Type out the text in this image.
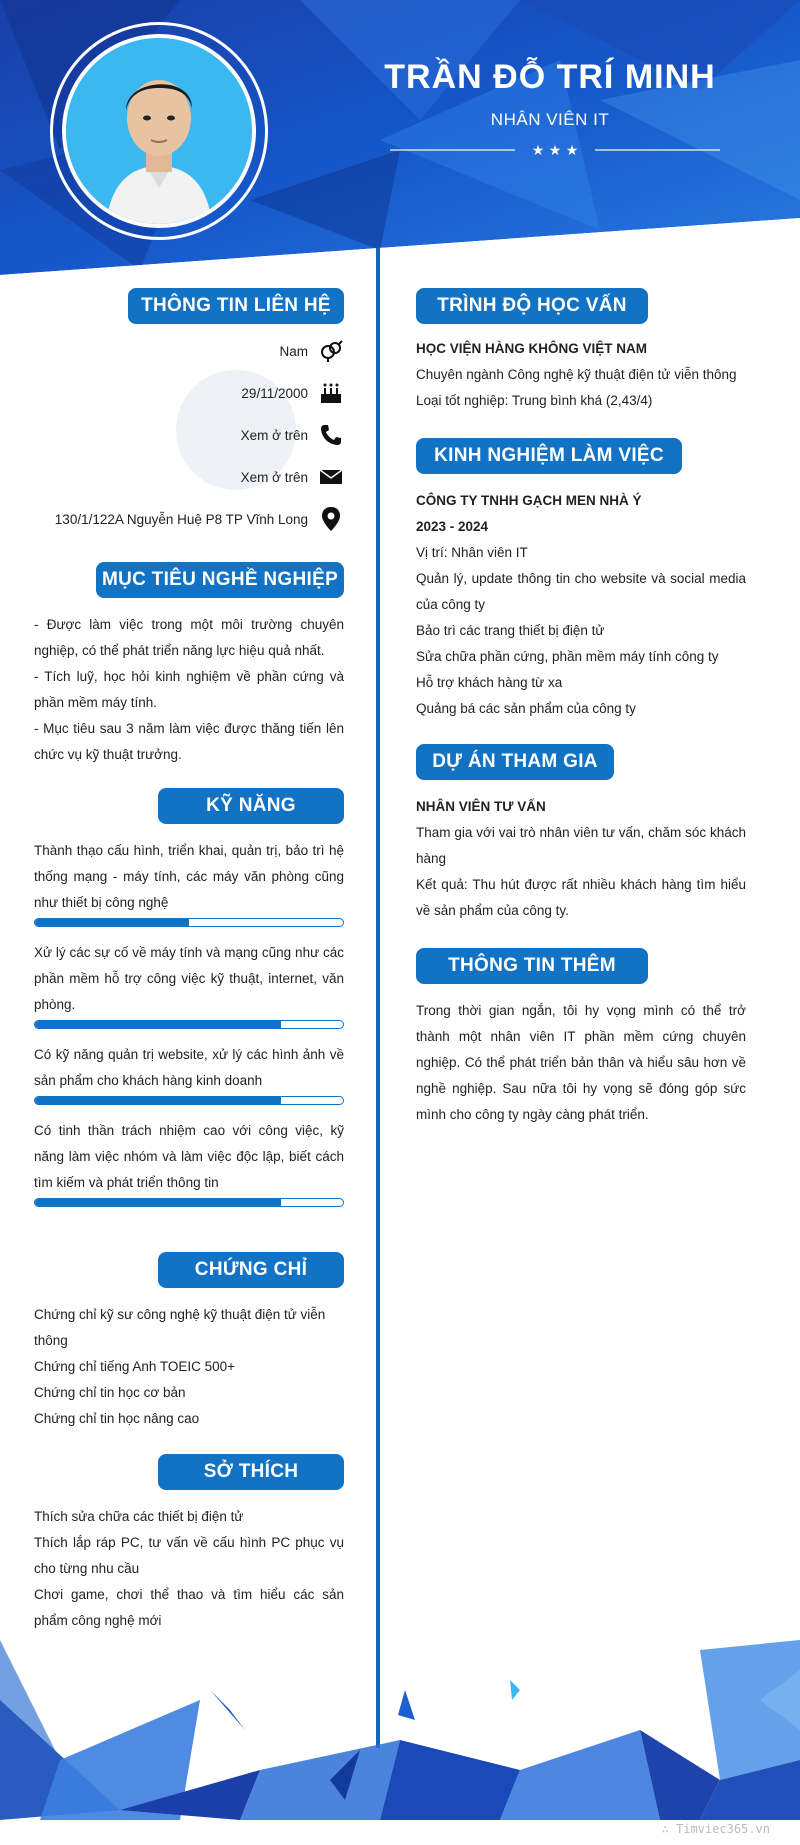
TRẦN ĐỖ TRÍ MINH
NHÂN VIÊN IT
★ ★ ★
THÔNG TIN LIÊN HỆ
Nam
29/11/2000
Xem ở trên
Xem ở trên
130/1/122A Nguyễn Huệ P8 TP Vĩnh Long
MỤC TIÊU NGHỀ NGHIỆP
- Được làm việc trong một môi trường chuyên nghiệp, có thể phát triển năng lực hiệu quả nhất.
- Tích luỹ, học hỏi kinh nghiệm về phần cứng và phần mềm máy tính.
- Mục tiêu sau 3 năm làm việc được thăng tiến lên chức vụ kỹ thuật trưởng.
KỸ NĂNG
Thành thạo cấu hình, triển khai, quản trị, bảo trì hệ thống mạng - máy tính, các máy văn phòng cũng như thiết bị công nghệ
Xử lý các sự cố về máy tính và mạng cũng như các phần mềm hỗ trợ công việc kỹ thuật, internet, văn phòng.
Có kỹ năng quản trị website, xử lý các hình ảnh về sản phẩm cho khách hàng kinh doanh
Có tinh thần trách nhiệm cao với công việc, kỹ năng làm việc nhóm và làm việc độc lập, biết cách tìm kiếm và phát triển thông tin
CHỨNG CHỈ
Chứng chỉ kỹ sư công nghệ kỹ thuật điện tử viễn thông
Chứng chỉ tiếng Anh TOEIC 500+
Chứng chỉ tin học cơ bản
Chứng chỉ tin học nâng cao
SỞ THÍCH
Thích sửa chữa các thiết bị điện tử
Thích lắp ráp PC, tư vấn về cấu hình PC phục vụ cho từng nhu cầu
Chơi game, chơi thể thao và tìm hiểu các sản phẩm công nghệ mới
TRÌNH ĐỘ HỌC VẤN
HỌC VIỆN HÀNG KHÔNG VIỆT NAM
Chuyên ngành Công nghệ kỹ thuật điện tử viễn thông
Loại tốt nghiệp: Trung bình khá (2,43/4)
KINH NGHIỆM LÀM VIỆC
CÔNG TY TNHH GẠCH MEN NHÀ Ý
2023 - 2024
Vị trí: Nhân viên IT
Quản lý, update thông tin cho website và social media của công ty
Bảo trì các trang thiết bị điện tử
Sửa chữa phần cứng, phần mềm máy tính công ty
Hỗ trợ khách hàng từ xa
Quảng bá các sản phẩm của công ty
DỰ ÁN THAM GIA
NHÂN VIÊN TƯ VẤN
Tham gia với vai trò nhân viên tư vấn, chăm sóc khách hàng
Kết quả: Thu hút được rất nhiều khách hàng tìm hiểu về sản phẩm của công ty.
THÔNG TIN THÊM
Trong thời gian ngắn, tôi hy vọng mình có thể trở thành một nhân viên IT phần mềm cứng chuyên nghiệp. Có thể phát triển bản thân và hiểu sâu hơn về nghề nghiệp. Sau nữa tôi hy vọng sẽ đóng góp sức mình cho công ty ngày càng phát triển.
∴ Timviec365.vn
